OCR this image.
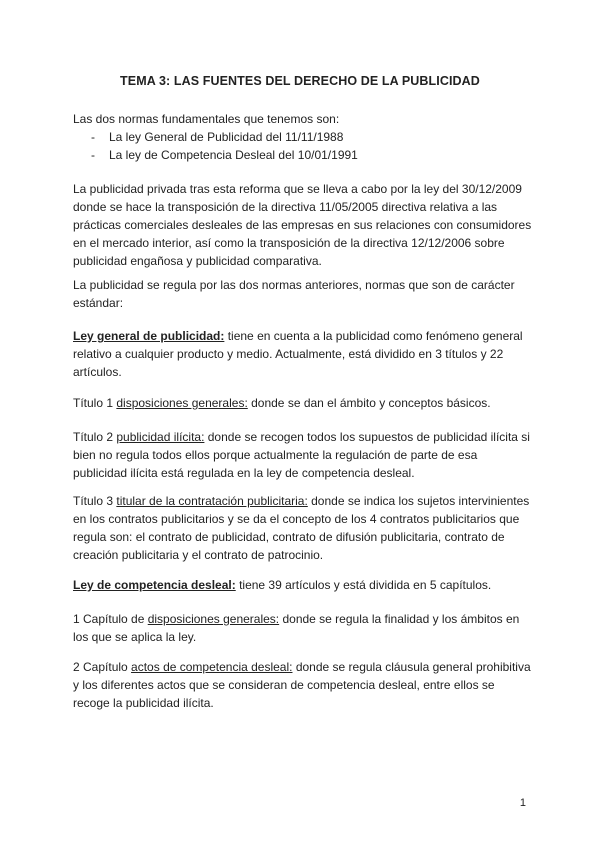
TEMA 3: LAS FUENTES DEL DERECHO DE LA PUBLICIDAD

Las dos normas fundamentales que tenemos son:

- La ley General de Publicidad del 11/11/1988
- La ley de Competencia Desleal del 10/01/1991

La publicidad privada tras esta reforma que se lleva a cabo por la ley del 30/12/2009 donde se hace la transposición de la directiva 11/05/2005 directiva relativa a las prácticas comerciales desleales de las empresas en sus relaciones con consumidores en el mercado interior, así como la transposición de la directiva 12/12/2006 sobre publicidad engañosa y publicidad comparativa.

La publicidad se regula por las dos normas anteriores, normas que son de carácter estándar:

Ley general de publicidad: tiene en cuenta a la publicidad como fenómeno general relativo a cualquier producto y medio. Actualmente, está dividido en 3 títulos y 22 artículos.

Título 1 disposiciones generales: donde se dan el ámbito y conceptos básicos.

Título 2 publicidad ilícita: donde se recogen todos los supuestos de publicidad ilícita si bien no regula todos ellos porque actualmente la regulación de parte de esa publicidad ilícita está regulada en la ley de competencia desleal.

Título 3 titular de la contratación publicitaria: donde se indica los sujetos intervinientes en los contratos publicitarios y se da el concepto de los 4 contratos publicitarios que regula son: el contrato de publicidad, contrato de difusión publicitaria, contrato de creación publicitaria y el contrato de patrocinio.

Ley de competencia desleal: tiene 39 artículos y está dividida en 5 capítulos.

1 Capítulo de disposiciones generales: donde se regula la finalidad y los ámbitos en los que se aplica la ley.

2 Capítulo actos de competencia desleal: donde se regula cláusula general prohibitiva y los diferentes actos que se consideran de competencia desleal, entre ellos se recoge la publicidad ilícita.

1
